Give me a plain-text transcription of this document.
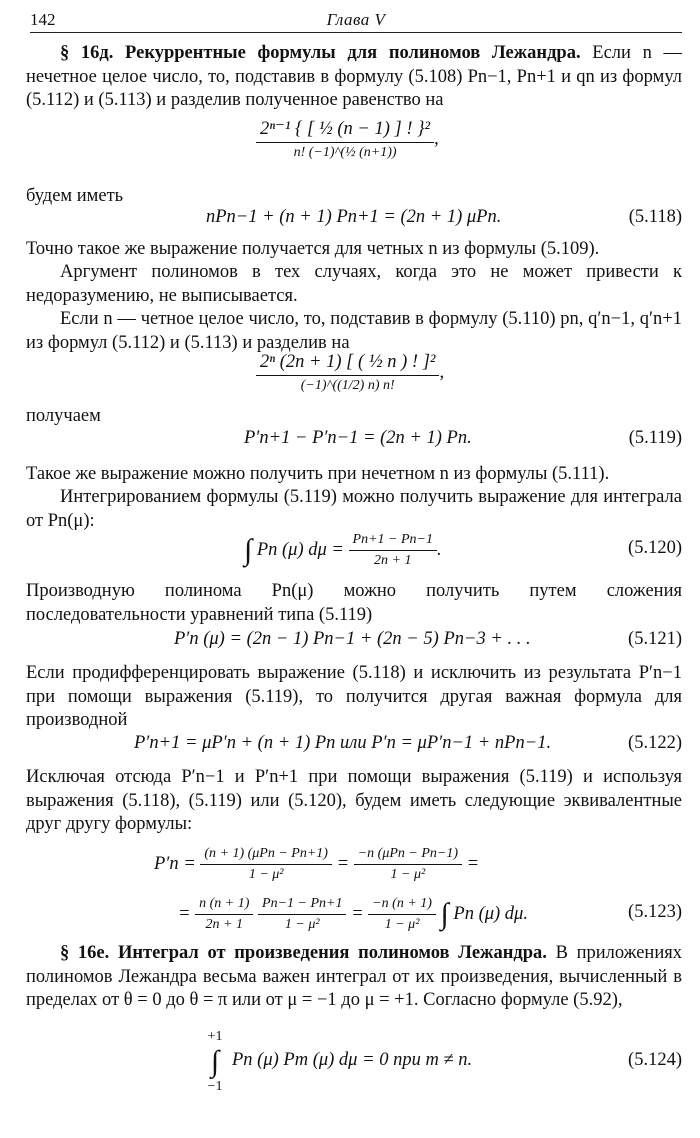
142	Глава V
§ 16д. Рекуррентные формулы для полиномов Лежандра. Если n — нечетное целое число, то, подставив в формулу (5.108) Pn−1, Pn+1 и qn из формул (5.112) и (5.113) и разделив полученное равенство на
$\frac{\text{2ⁿ⁻¹ \{ [ ½ (n − 1) ] ! \}²}}{\text{n! (−1)\textasciicircum{}(½ (n+1))}}$ ,
будем иметь
nPn−1 + (n + 1) Pn+1 = (2n + 1) μPn.	(5.118)
Точно такое же выражение получается для четных n из формулы (5.109).
Аргумент полиномов в тех случаях, когда это не может привести к недоразумению, не выписывается.
Если n — четное целое число, то, подставив в формулу (5.110) pn, q′n−1, q′n+1 из формул (5.112) и (5.113) и разделив на
$\frac{\text{2ⁿ (2n + 1) [ ( ½ n ) ! ]²}}{(-1)\^{}((1/2) n) n!}$ ,
получаем
P′n+1 − P′n−1 = (2n + 1) Pn.	(5.119)
Такое же выражение можно получить при нечетном n из формулы (5.111).
Интегрированием формулы (5.119) можно получить выражение для интеграла от Pn(μ):
∫ Pn (μ) $d\mu = \frac{Pn+1 - Pn-1}{2n + 1}$ .	(5.120)
Производную полинома Pn(μ) можно получить путем сложения последовательности уравнений типа (5.119)
P′n (μ) = (2n − 1) Pn−1 + (2n − 5) Pn−3 + . . .	(5.121)
Если продифференцировать выражение (5.118) и исключить из результата P′n−1 при помощи выражения (5.119), то получится другая важная формула для производной
P′n+1 = μP′n + (n + 1) Pn или P′n = μP′n−1 + nPn−1.	(5.122)
Исключая отсюда P′n−1 и P′n+1 при помощи выражения (5.119) и используя выражения (5.118), (5.119) или (5.120), будем иметь следующие эквивалентные друг другу формулы:
$P'n = \frac{\text{(n + 1) (μPn − Pn+1)}}{\text{1 − μ²}} = \frac{\text{−n (μPn − Pn−1)}}{\text{1 − μ²}}$ =
= $\frac{n (n + 1)}{2n + 1}$
$\frac{Pn-1 - Pn+1}{\text{1 − μ²}} = \frac{-n (n + 1)}{\text{1 − μ²}}$ ∫ Pn (μ) dμ.	(5.123)
§ 16е. Интеграл от произведения полиномов Лежандра. В приложениях полиномов Лежандра весьма важен интеграл от их произведения, вычисленный в пределах от θ = 0 до θ = π или от μ = −1 до μ = +1. Согласно формуле (5.92),
+1
∫
−1
Pn (μ) Pm (μ) dμ = 0 при m ≠ n.	(5.124)
